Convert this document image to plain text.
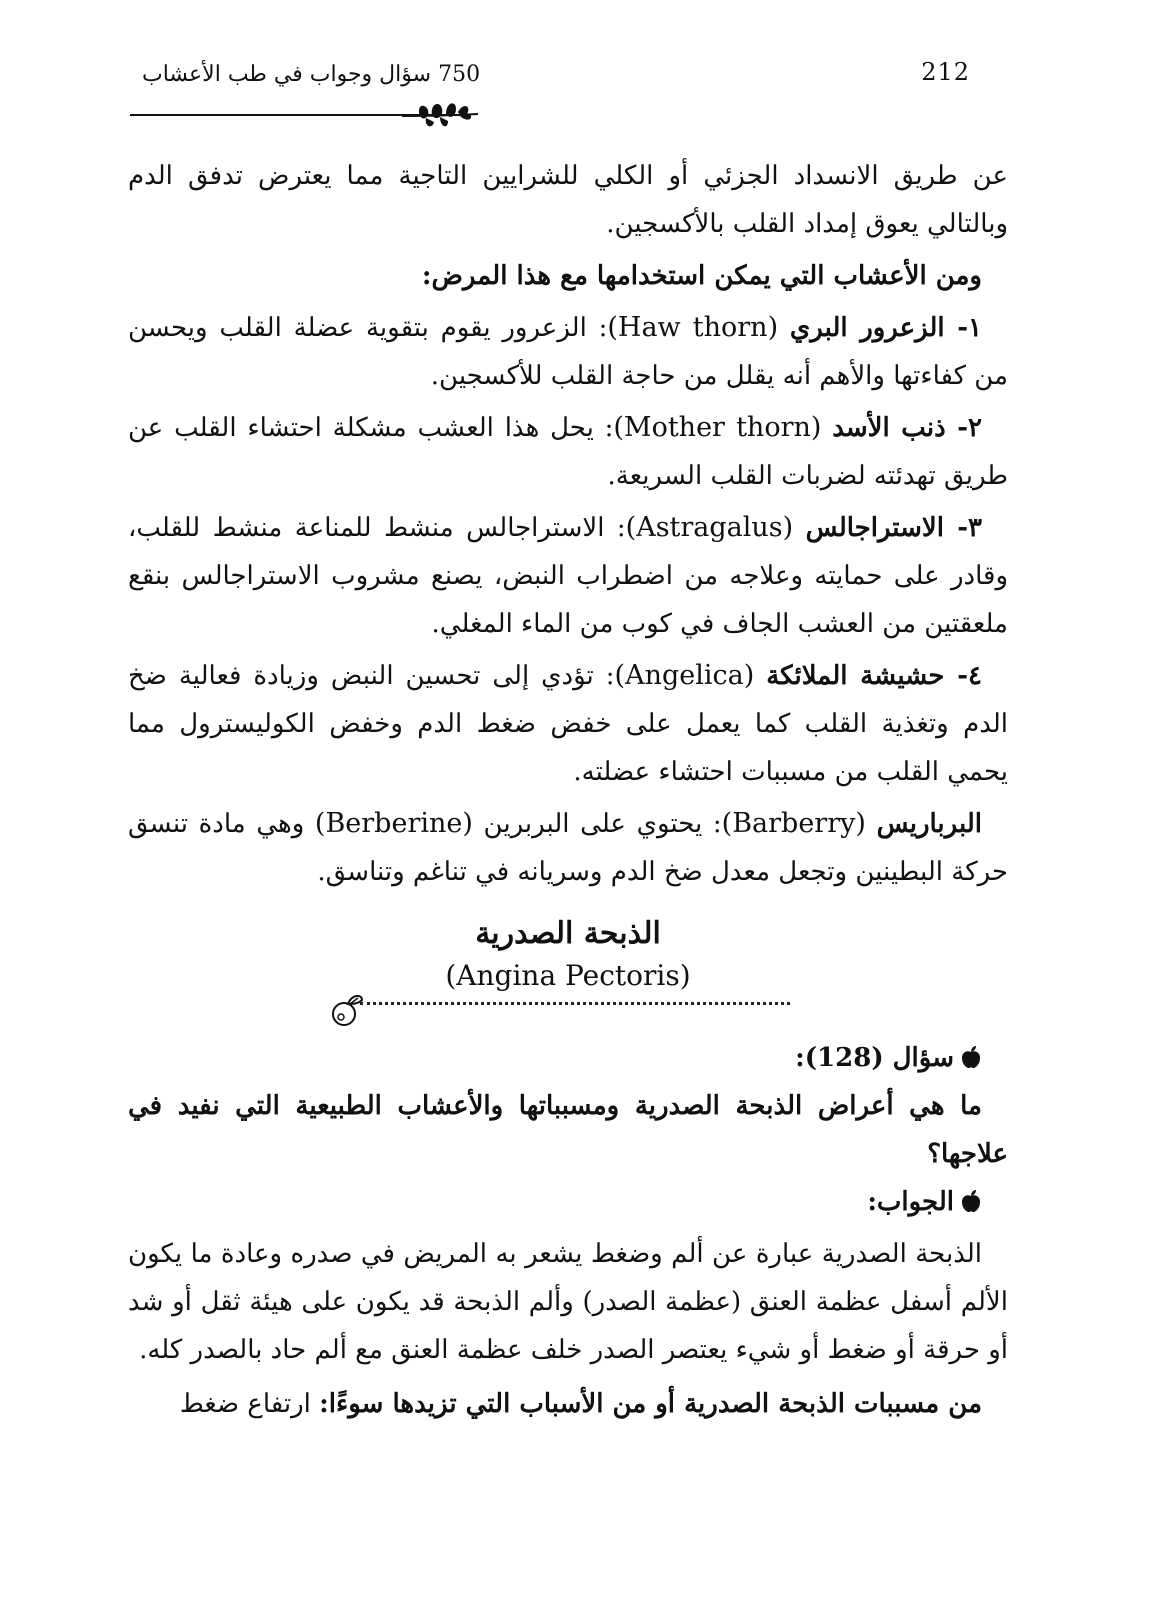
750 سؤال وجواب في طب الأعشاب	212

عن طريق الانسداد الجزئي أو الكلي للشرايين التاجية مما يعترض تدفق الدم وبالتالي يعوق إمداد القلب بالأكسجين.

ومن الأعشاب التي يمكن استخدامها مع هذا المرض:

١- الزعرور البري (Haw thorn): الزعرور يقوم بتقوية عضلة القلب ويحسن من كفاءتها والأهم أنه يقلل من حاجة القلب للأكسجين.

٢- ذنب الأسد (Mother thorn): يحل هذا العشب مشكلة احتشاء القلب عن طريق تهدئته لضربات القلب السريعة.

٣- الاستراجالس (Astragalus): الاستراجالس منشط للمناعة منشط للقلب، وقادر على حمايته وعلاجه من اضطراب النبض، يصنع مشروب الاستراجالس بنقع ملعقتين من العشب الجاف في كوب من الماء المغلي.

٤- حشيشة الملائكة (Angelica): تؤدي إلى تحسين النبض وزيادة فعالية ضخ الدم وتغذية القلب كما يعمل على خفض ضغط الدم وخفض الكوليسترول مما يحمي القلب من مسببات احتشاء عضلته.

البرباريس (Barberry): يحتوي على البربرين (Berberine) وهي مادة تنسق حركة البطينين وتجعل معدل ضخ الدم وسريانه في تناغم وتناسق.

الذبحة الصدرية
(Angina Pectoris)

سؤال (128):

ما هي أعراض الذبحة الصدرية ومسبباتها والأعشاب الطبيعية التي نفيد في علاجها؟

الجواب:

الذبحة الصدرية عبارة عن ألم وضغط يشعر به المريض في صدره وعادة ما يكون الألم أسفل عظمة العنق (عظمة الصدر) وألم الذبحة قد يكون على هيئة ثقل أو شد أو حرقة أو ضغط أو شيء يعتصر الصدر خلف عظمة العنق مع ألم حاد بالصدر كله.

من مسببات الذبحة الصدرية أو من الأسباب التي تزيدها سوءًا: ارتفاع ضغط
